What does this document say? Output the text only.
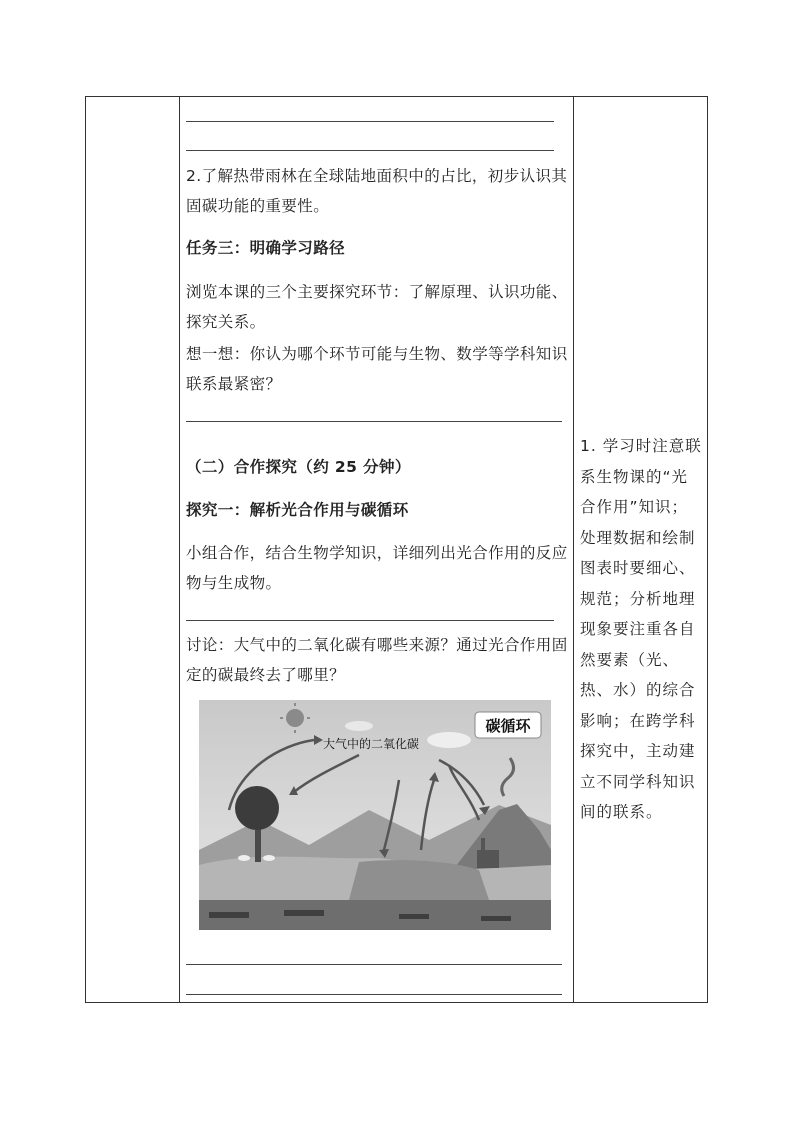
2.了解热带雨林在全球陆地面积中的占比，初步认识其固碳功能的重要性。
任务三：明确学习路径
浏览本课的三个主要探究环节：了解原理、认识功能、探究关系。
想一想：你认为哪个环节可能与生物、数学等学科知识联系最紧密？
（二）合作探究（约 25 分钟）
探究一：解析光合作用与碳循环
小组合作，结合生物学知识，详细列出光合作用的反应物与生成物。
讨论：大气中的二氧化碳有哪些来源？通过光合作用固定的碳最终去了哪里？
碳循环
大气中的二氧化碳
1. 学习时注意联系生物课的“光合作用”知识；处理数据和绘制图表时要细心、规范；分析地理现象要注重各自然要素（光、热、水）的综合影响；在跨学科探究中，主动建立不同学科知识间的联系。
